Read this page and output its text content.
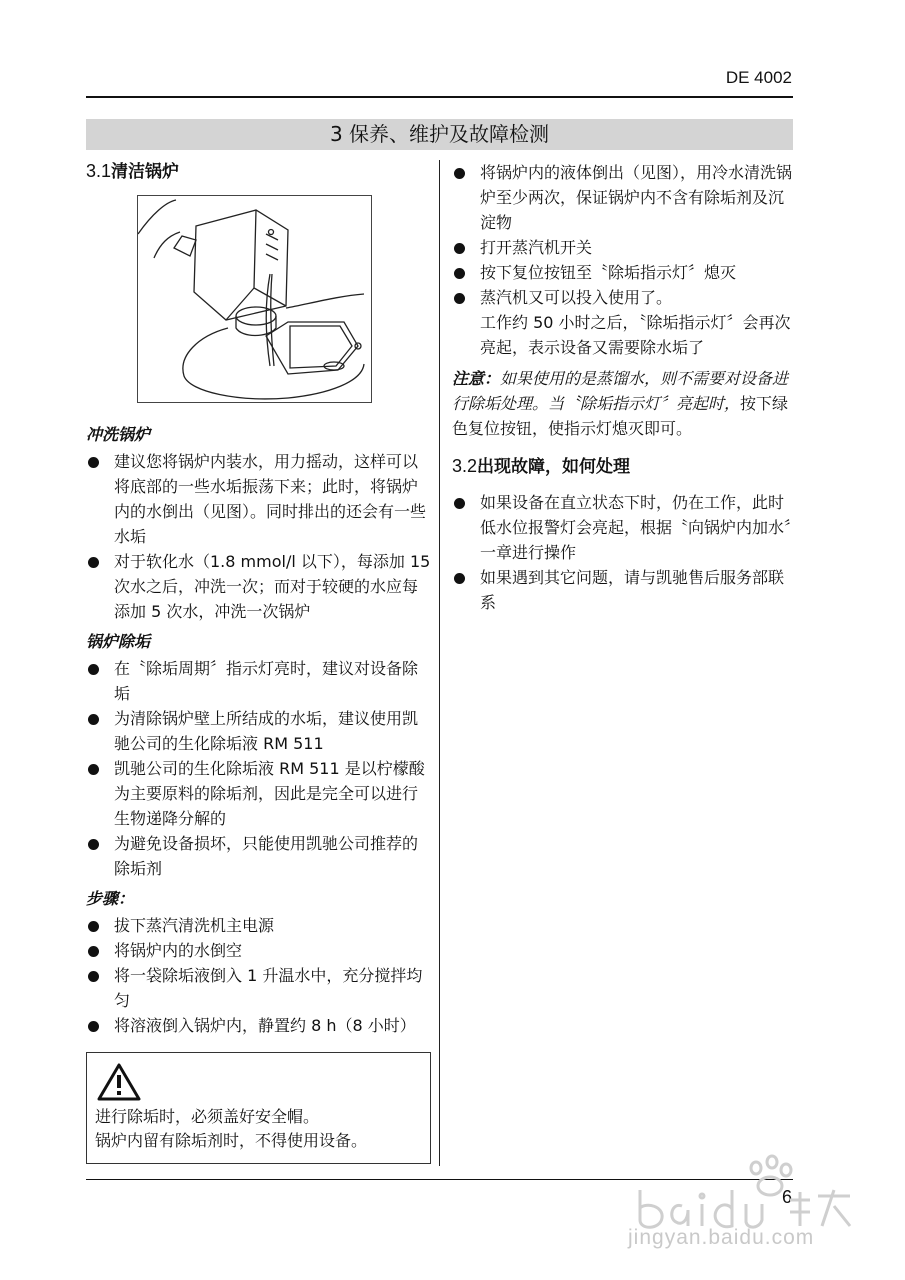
DE 4002
3 保养、维护及故障检测
3.1清洁锅炉
冲洗锅炉
建议您将锅炉内装水，用力摇动，这样可以将底部的一些水垢振荡下来；此时，将锅炉内的水倒出（见图）。同时排出的还会有一些水垢
对于软化水（1.8 mmol/l 以下），每添加 15 次水之后，冲洗一次；而对于较硬的水应每添加 5 次水，冲洗一次锅炉
锅炉除垢
在〝除垢周期〞指示灯亮时，建议对设备除垢
为清除锅炉壁上所结成的水垢，建议使用凯驰公司的生化除垢液 RM 511
凯驰公司的生化除垢液 RM 511 是以柠檬酸为主要原料的除垢剂，因此是完全可以进行生物递降分解的
为避免设备损坏，只能使用凯驰公司推荐的除垢剂
步骤：
拔下蒸汽清洗机主电源
将锅炉内的水倒空
将一袋除垢液倒入 1 升温水中，充分搅拌均匀
将溶液倒入锅炉内，静置约 8 h（8 小时）

进行除垢时，必须盖好安全帽。

锅炉内留有除垢剂时，不得使用设备。

将锅炉内的液体倒出（见图），用冷水清洗锅炉至少两次，保证锅炉内不含有除垢剂及沉淀物
打开蒸汽机开关
按下复位按钮至〝除垢指示灯〞熄灭
蒸汽机又可以投入使用了。
工作约 50 小时之后，〝除垢指示灯〞会再次亮起，表示设备又需要除水垢了
注意：如果使用的是蒸馏水，则不需要对设备进行除垢处理。当〝除垢指示灯〞亮起时，按下绿色复位按钮，使指示灯熄灭即可。
3.2出现故障，如何处理
如果设备在直立状态下时，仍在工作，此时低水位报警灯会亮起，根据〝向锅炉内加水〞一章进行操作
如果遇到其它问题，请与凯驰售后服务部联系
6
jingyan.baidu.com
